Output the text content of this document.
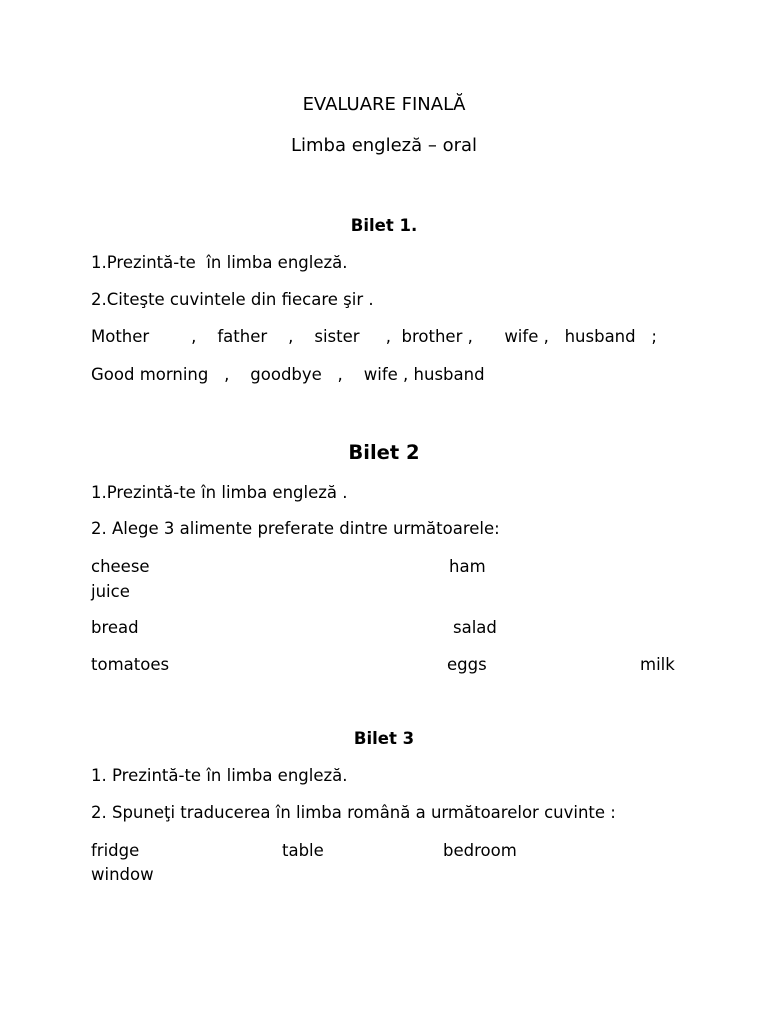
EVALUARE FINALĂ
Limba engleză – oral
Bilet 1.
1.Prezintă-te  în limba engleză.
2.Citeşte cuvintele din fiecare şir .
Mother        ,    father    ,    sister     ,  brother ,      wife ,   husband   ;
Good morning   ,    goodbye   ,    wife , husband
Bilet 2
1.Prezintă-te în limba engleză .
2. Alege 3 alimente preferate dintre următoarele:
cheese	ham
juice
bread	salad
tomatoes	eggs	milk
Bilet 3
1. Prezintă-te în limba engleză.
2. Spuneţi traducerea în limba română a următoarelor cuvinte :
fridge	table	bedroom
window
